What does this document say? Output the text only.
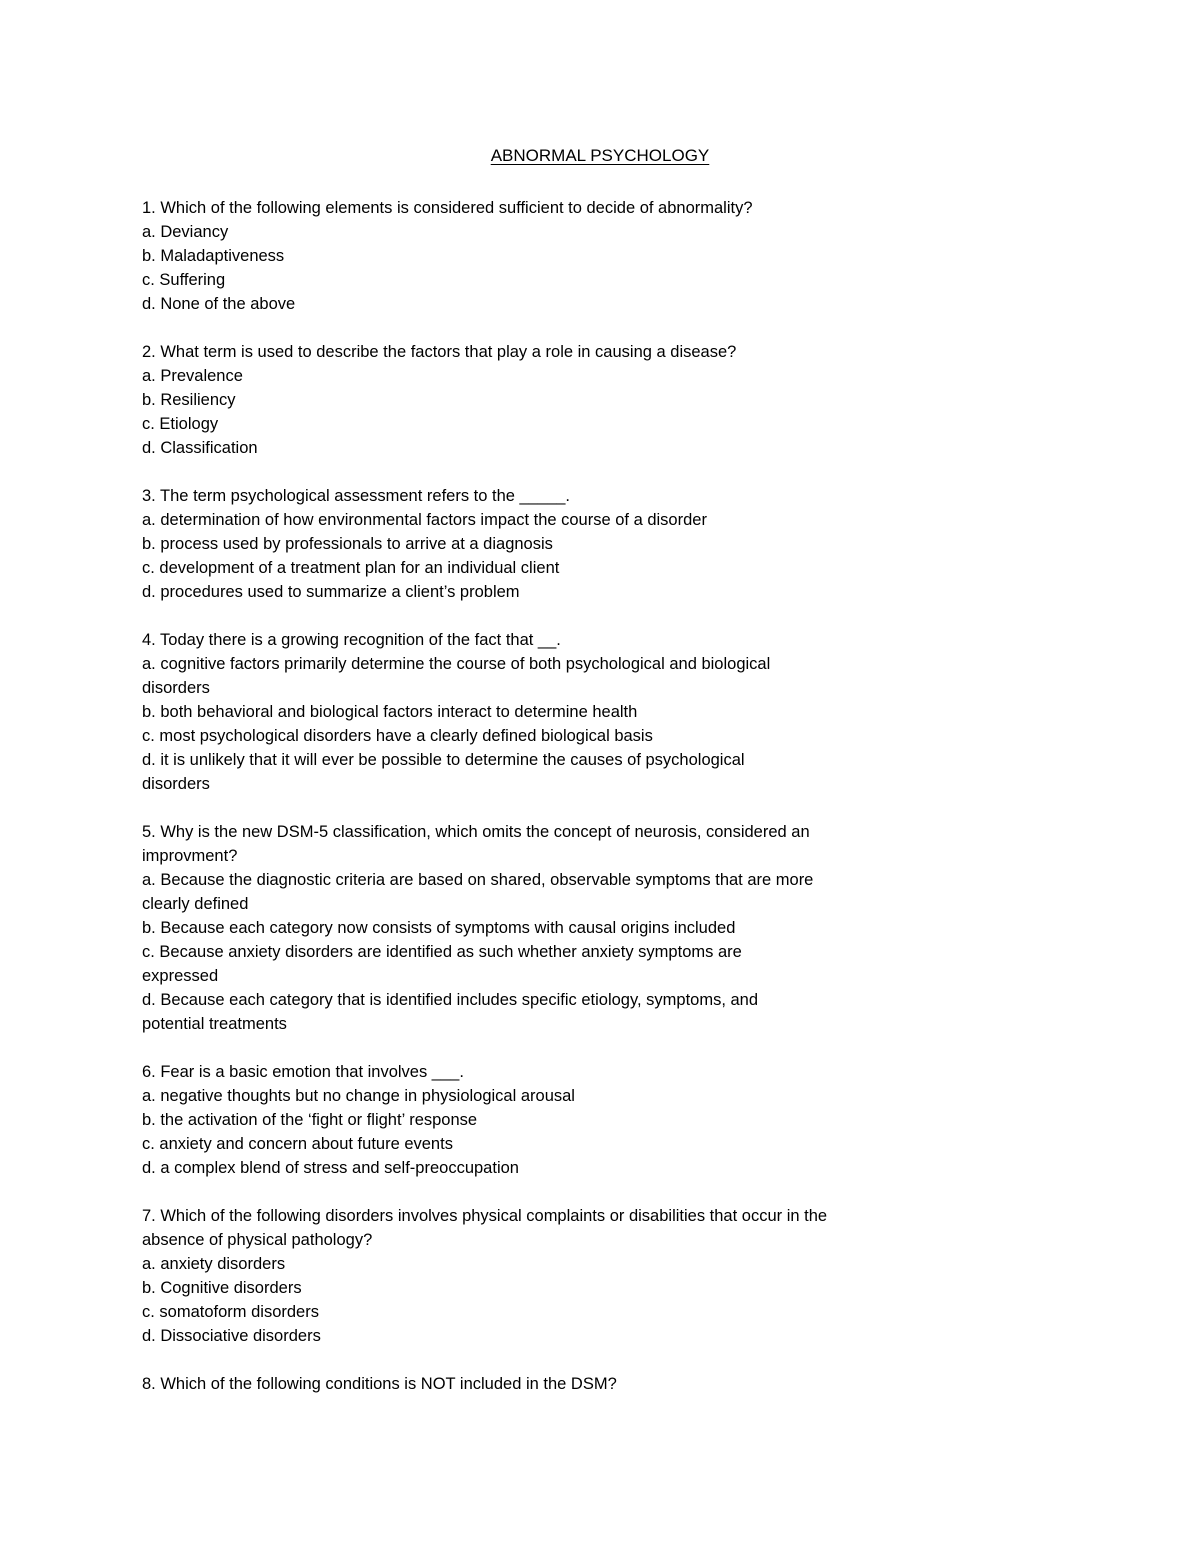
ABNORMAL PSYCHOLOGY
1. Which of the following elements is considered sufficient to decide of abnormality?
a. Deviancy
b. Maladaptiveness
c. Suffering
d. None of the above
2. What term is used to describe the factors that play a role in causing a disease?
a. Prevalence
b. Resiliency
c. Etiology
d. Classification
3. The term psychological assessment refers to the _____.
a. determination of how environmental factors impact the course of a disorder
b. process used by professionals to arrive at a diagnosis
c. development of a treatment plan for an individual client
d. procedures used to summarize a client’s problem
4. Today there is a growing recognition of the fact that __.
a. cognitive factors primarily determine the course of both psychological and biological
disorders
b. both behavioral and biological factors interact to determine health
c. most psychological disorders have a clearly defined biological basis
d. it is unlikely that it will ever be possible to determine the causes of psychological
disorders
5. Why is the new DSM-5 classification, which omits the concept of neurosis, considered an
improvment?
a. Because the diagnostic criteria are based on shared, observable symptoms that are more
clearly defined
b. Because each category now consists of symptoms with causal origins included
c. Because anxiety disorders are identified as such whether anxiety symptoms are
expressed
d. Because each category that is identified includes specific etiology, symptoms, and
potential treatments
6. Fear is a basic emotion that involves ___.
a. negative thoughts but no change in physiological arousal
b. the activation of the ‘fight or flight’ response
c. anxiety and concern about future events
d. a complex blend of stress and self-preoccupation
7. Which of the following disorders involves physical complaints or disabilities that occur in the
absence of physical pathology?
a. anxiety disorders
b. Cognitive disorders
c. somatoform disorders
d. Dissociative disorders
8. Which of the following conditions is NOT included in the DSM?
